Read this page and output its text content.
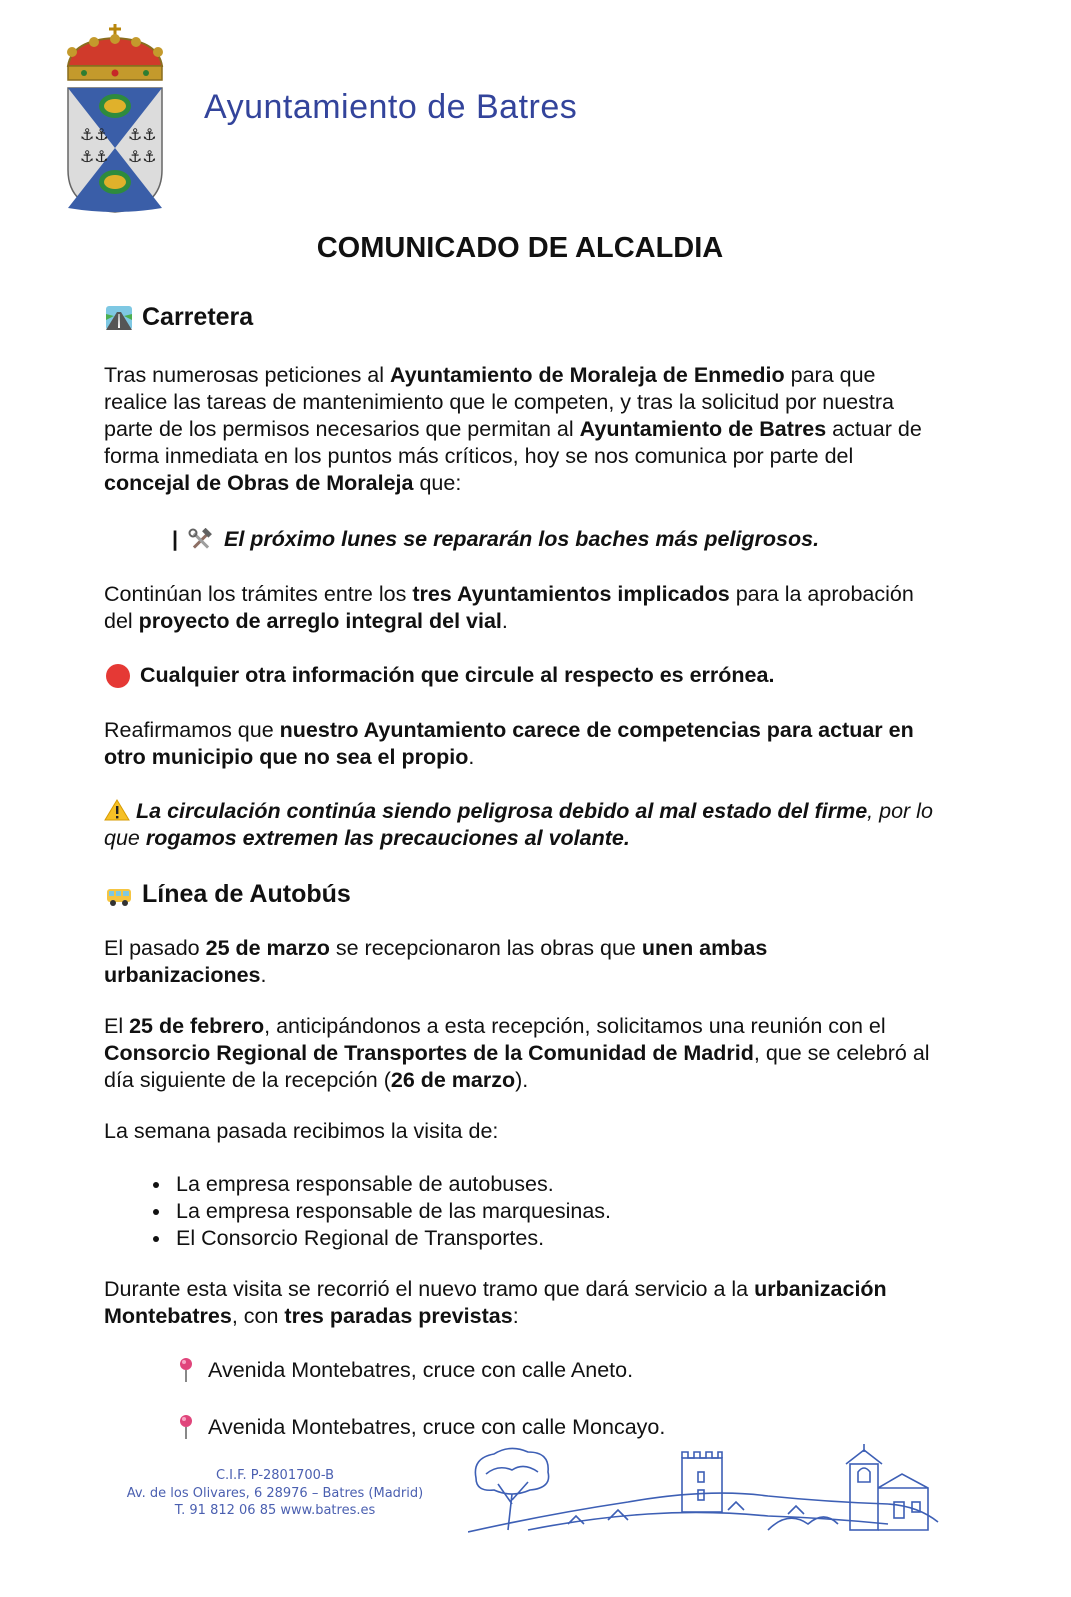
⚓⚓
⚓⚓
⚓⚓
⚓⚓
Ayuntamiento de Batres
COMUNICADO DE ALCALDIA
Carretera
Tras numerosas peticiones al Ayuntamiento de Moraleja de Enmedio para que realice las tareas de mantenimiento que le competen, y tras la solicitud por nuestra parte de los permisos necesarios que permitan al Ayuntamiento de Batres actuar de forma inmediata en los puntos más críticos, hoy se nos comunica por parte del concejal de Obras de Moraleja que:
| El próximo lunes se repararán los baches más peligrosos.
Continúan los trámites entre los tres Ayuntamientos implicados para la aprobación del proyecto de arreglo integral del vial.
Cualquier otra información que circule al respecto es errónea.
Reafirmamos que nuestro Ayuntamiento carece de competencias para actuar en otro municipio que no sea el propio.
La circulación continúa siendo peligrosa debido al mal estado del firme, por lo que rogamos extremen las precauciones al volante.
Línea de Autobús
El pasado 25 de marzo se recepcionaron las obras que unen ambas urbanizaciones.
El 25 de febrero, anticipándonos a esta recepción, solicitamos una reunión con el Consorcio Regional de Transportes de la Comunidad de Madrid, que se celebró al día siguiente de la recepción (26 de marzo).
La semana pasada recibimos la visita de:
• La empresa responsable de autobuses.
• La empresa responsable de las marquesinas.
• El Consorcio Regional de Transportes.
Durante esta visita se recorrió el nuevo tramo que dará servicio a la urbanización Montebatres, con tres paradas previstas:
Avenida Montebatres, cruce con calle Aneto.
Avenida Montebatres, cruce con calle Moncayo.
C.I.F. P-2801700-B
Av. de los Olivares, 6 28976 – Batres (Madrid)
T. 91 812 06 85 www.batres.es
